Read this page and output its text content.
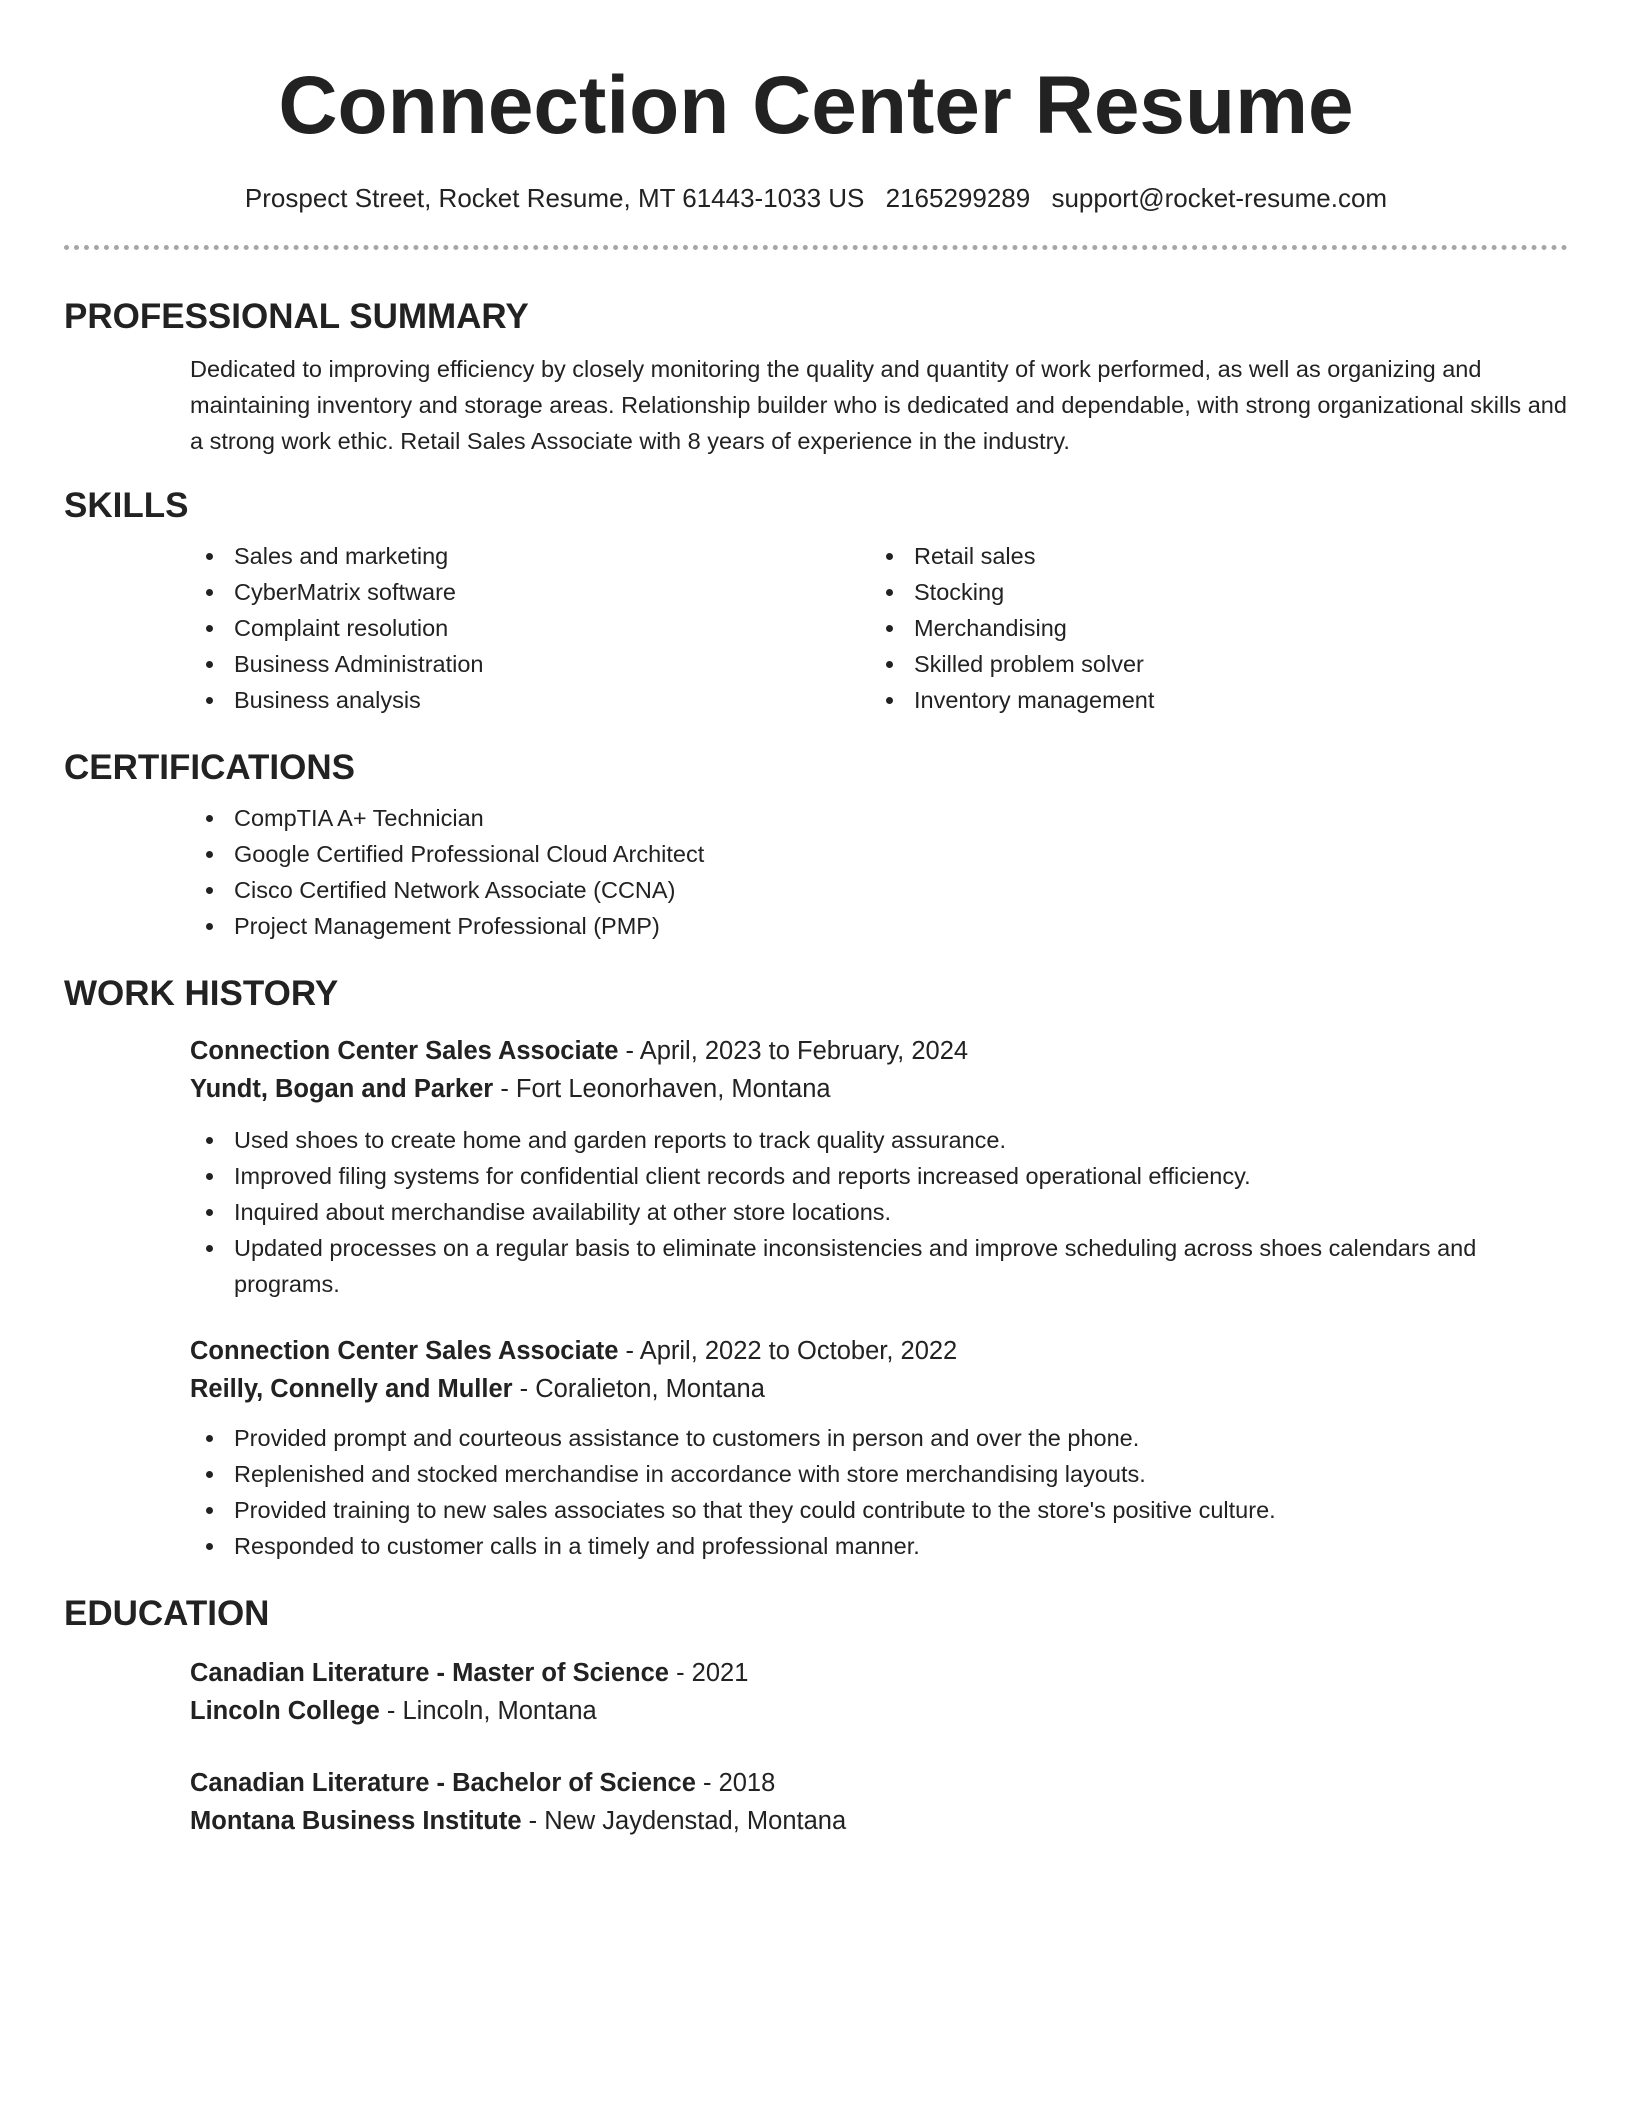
Connection Center Resume
Prospect Street, Rocket Resume, MT 61443-1033 US 2165299289 support@rocket-resume.com
PROFESSIONAL SUMMARY

Dedicated to improving efficiency by closely monitoring the quality and quantity of work performed, as well as organizing and maintaining inventory and storage areas. Relationship builder who is dedicated and dependable, with strong organizational skills and a strong work ethic. Retail Sales Associate with 8 years of experience in the industry.

SKILLS
Sales and marketing
CyberMatrix software
Complaint resolution
Business Administration
Business analysis
Retail sales
Stocking
Merchandising
Skilled problem solver
Inventory management
CERTIFICATIONS
CompTIA A+ Technician
Google Certified Professional Cloud Architect
Cisco Certified Network Associate (CCNA)
Project Management Professional (PMP)
WORK HISTORY
Connection Center Sales Associate - April, 2023 to February, 2024
Yundt, Bogan and Parker - Fort Leonorhaven, Montana
Used shoes to create home and garden reports to track quality assurance.
Improved filing systems for confidential client records and reports increased operational efficiency.
Inquired about merchandise availability at other store locations.
Updated processes on a regular basis to eliminate inconsistencies and improve scheduling across shoes calendars and programs.
Connection Center Sales Associate - April, 2022 to October, 2022
Reilly, Connelly and Muller - Coralieton, Montana
Provided prompt and courteous assistance to customers in person and over the phone.
Replenished and stocked merchandise in accordance with store merchandising layouts.
Provided training to new sales associates so that they could contribute to the store's positive culture.
Responded to customer calls in a timely and professional manner.
EDUCATION
Canadian Literature - Master of Science - 2021
Lincoln College - Lincoln, Montana
Canadian Literature - Bachelor of Science - 2018
Montana Business Institute - New Jaydenstad, Montana
